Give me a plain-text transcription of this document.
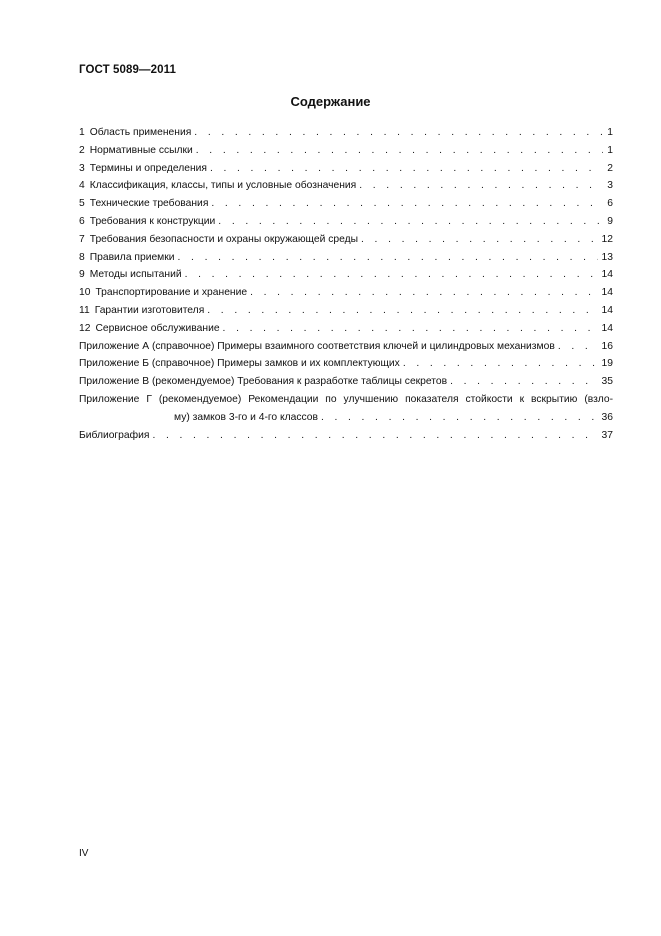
ГОСТ 5089—2011
Содержание
1 Область применения . . .	1
2 Нормативные ссылки . . .	1
3 Термины и определения . . .	2
4 Классификация, классы, типы и условные обозначения . . .	3
5 Технические требования . . .	6
6 Требования к конструкции . . .	9
7 Требования безопасности и охраны окружающей среды . . .	12
8 Правила приемки . . .	13
9 Методы испытаний . . .	14
10 Транспортирование и хранение . . .	14
11 Гарантии изготовителя . . .	14
12 Сервисное обслуживание . . .	14
Приложение А (справочное) Примеры взаимного соответствия ключей и цилиндровых механизмов . . .	16
Приложение Б (справочное) Примеры замков и их комплектующих . . .	19
Приложение В (рекомендуемое) Требования к разработке таблицы секретов . . .	35
Приложение Г (рекомендуемое) Рекомендации по улучшению показателя стойкости к вскрытию (взло-
му) замков 3-го и 4-го классов . . .	36
Библиография . . .	37
IV
